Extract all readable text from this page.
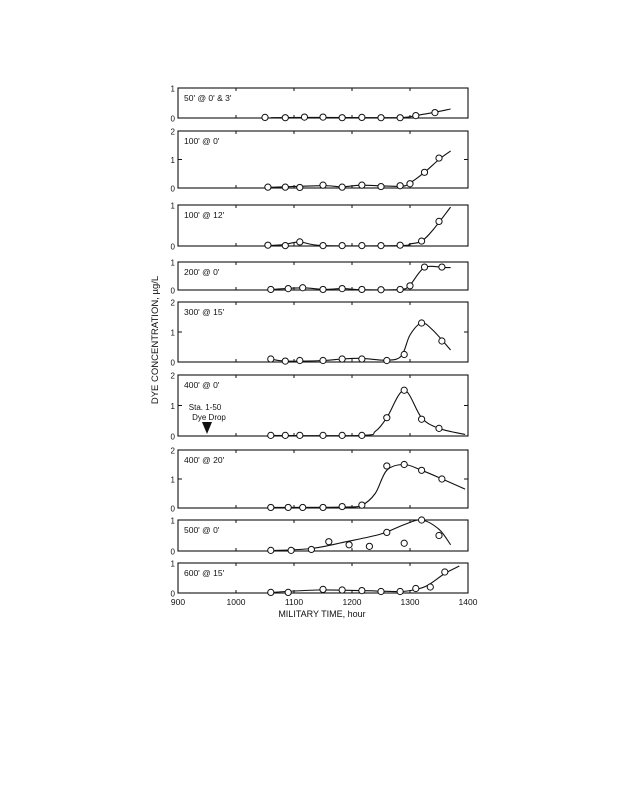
0
1
50' @ 0' & 3'
0
1
2
100' @ 0'
0
1
100' @ 12'
0
1
200' @ 0'
0
1
2
300' @ 15'
0
1
2
400' @ 0'
Sta. 1-50
Dye Drop
0
1
2
400' @ 20'
0
1
500' @ 0'
0
1
600' @ 15'
900	1000	1100	1200	1300	1400
DYE CONCENTRATION, µg/L
MILITARY TIME, hour
